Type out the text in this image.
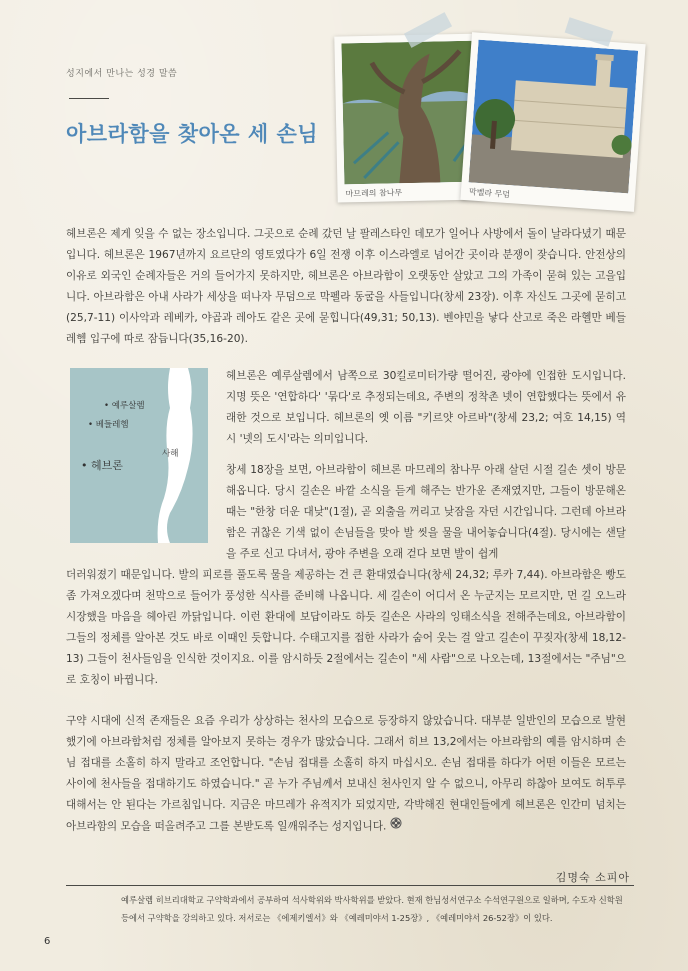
성지에서 만나는 성경 말씀
아브라함을 찾아온 세 손님
마므레의 참나무	막벨라 무덤

헤브론은 제게 잊을 수 없는 장소입니다. 그곳으로 순례 갔던 날 팔레스타인 데모가 일어나 사방에서 돌이 날라다녔기 때문입니다. 헤브론은 1967년까지 요르단의 영토였다가 6일 전쟁 이후 이스라엘로 넘어간 곳이라 분쟁이 잦습니다. 안전상의 이유로 외국인 순례자들은 거의 들어가지 못하지만, 헤브론은 아브라함이 오랫동안 살았고 그의 가족이 묻혀 있는 고을입니다. 아브라함은 아내 사라가 세상을 떠나자 무덤으로 막펠라 동굴을 사들입니다(창세 23장). 이후 자신도 그곳에 묻히고(25,7-11) 이사악과 레베카, 야곱과 레아도 같은 곳에 묻힙니다(49,31; 50,13). 벤야민을 낳다 산고로 죽은 라헬만 베들레헴 입구에 따로 잠듭니다(35,16-20).

• 예루살렘
• 베들레헴
• 헤브론
사해

헤브론은 예루살렘에서 남쪽으로 30킬로미터가량 떨어진, 광야에 인접한 도시입니다. 지명 뜻은 '연합하다' '묶다'로 추정되는데요, 주변의 정착촌 넷이 연합했다는 뜻에서 유래한 것으로 보입니다. 헤브론의 옛 이름 "키르얏 아르바"(창세 23,2; 여호 14,15) 역시 '넷의 도시'라는 의미입니다.

창세 18장을 보면, 아브라함이 헤브론 마므레의 참나무 아래 살던 시절 길손 셋이 방문해옵니다. 당시 길손은 바깥 소식을 듣게 해주는 반가운 존재였지만, 그들이 방문해온 때는 "한창 더운 대낮"(1절), 곧 외출을 꺼리고 낮잠을 자던 시간입니다. 그런데 아브라함은 귀찮은 기색 없이 손님들을 맞아 발 씻을 물을 내어놓습니다(4절). 당시에는 샌달을 주로 신고 다녀서, 광야 주변을 오래 걷다 보면 발이 쉽게

더러워졌기 때문입니다. 발의 피로를 풀도록 물을 제공하는 건 큰 환대였습니다(창세 24,32; 루카 7,44). 아브라함은 빵도 좀 가져오겠다며 천막으로 들어가 풍성한 식사를 준비해 나옵니다. 세 길손이 어디서 온 누군지는 모르지만, 먼 길 오느라 시장했을 마음을 헤아린 까닭입니다. 이런 환대에 보답이라도 하듯 길손은 사라의 잉태소식을 전해주는데요, 아브라함이 그들의 정체를 알아본 것도 바로 이때인 듯합니다. 수태고지를 접한 사라가 숨어 웃는 걸 알고 길손이 꾸짖자(창세 18,12-13) 그들이 천사들임을 인식한 것이지요. 이를 암시하듯 2절에서는 길손이 "세 사람"으로 나오는데, 13절에서는 "주님"으로 호칭이 바뀝니다.

구약 시대에 신적 존재들은 요즘 우리가 상상하는 천사의 모습으로 등장하지 않았습니다. 대부분 일반인의 모습으로 발현했기에 아브라함처럼 정체를 알아보지 못하는 경우가 많았습니다. 그래서 히브 13,2에서는 아브라함의 예를 암시하며 손님 접대를 소홀히 하지 말라고 조언합니다. "손님 접대를 소홀히 하지 마십시오. 손님 접대를 하다가 어떤 이들은 모르는 사이에 천사들을 접대하기도 하였습니다." 곧 누가 주님께서 보내신 천사인지 알 수 없으니, 아무리 하찮아 보여도 허투루 대해서는 안 된다는 가르침입니다. 지금은 마므레가 유적지가 되었지만, 각박해진 현대인들에게 헤브론은 인간미 넘치는 아브라함의 모습을 떠올려주고 그를 본받도록 일깨워주는 성지입니다.

김명숙 소피아

예루살렘 히브리대학교 구약학과에서 공부하여 석사학위와 박사학위를 받았다. 현재 한님성서연구소 수석연구원으로 일하며, 수도자 신학원 등에서 구약학을 강의하고 있다. 저서로는 《에제키엘서》와 《예레미야서 1-25장》, 《예레미야서 26-52장》이 있다.

6
